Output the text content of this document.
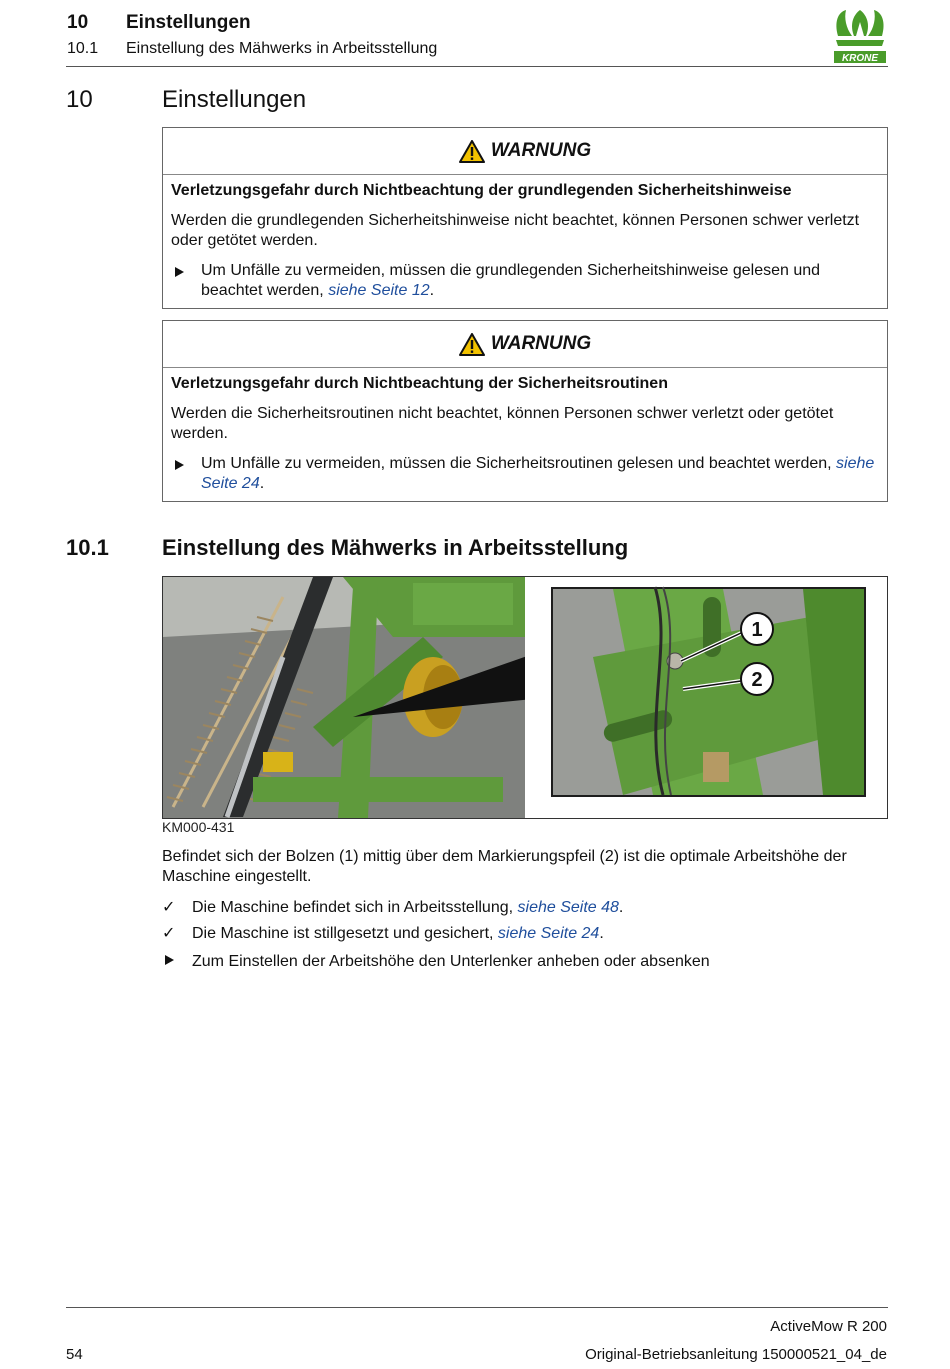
10 Einstellungen
10.1 Einstellung des Mähwerks in Arbeitsstellung
KRONE
10	Einstellungen
WARNUNG
Verletzungsgefahr durch Nichtbeachtung der grundlegenden Sicherheitshinweise

Werden die grundlegenden Sicherheitshinweise nicht beachtet, können Personen schwer verletzt oder getötet werden.

Um Unfälle zu vermeiden, müssen die grundlegenden Sicherheitshinweise gelesen und beachtet werden, siehe Seite 12.
WARNUNG
Verletzungsgefahr durch Nichtbeachtung der Sicherheitsroutinen

Werden die Sicherheitsroutinen nicht beachtet, können Personen schwer verletzt oder getötet werden.

Um Unfälle zu vermeiden, müssen die Sicherheitsroutinen gelesen und beachtet werden, siehe Seite 24.
10.1 Einstellung des Mähwerks in Arbeitsstellung
1
2
KM000-431
Befindet sich der Bolzen (1) mittig über dem Markierungspfeil (2) ist die optimale Arbeitshöhe der Maschine eingestellt.
✓ Die Maschine befindet sich in Arbeitsstellung, siehe Seite 48.
✓ Die Maschine ist stillgesetzt und gesichert, siehe Seite 24.
Zum Einstellen der Arbeitshöhe den Unterlenker anheben oder absenken
ActiveMow R 200
54	Original-Betriebsanleitung 150000521_04_de
